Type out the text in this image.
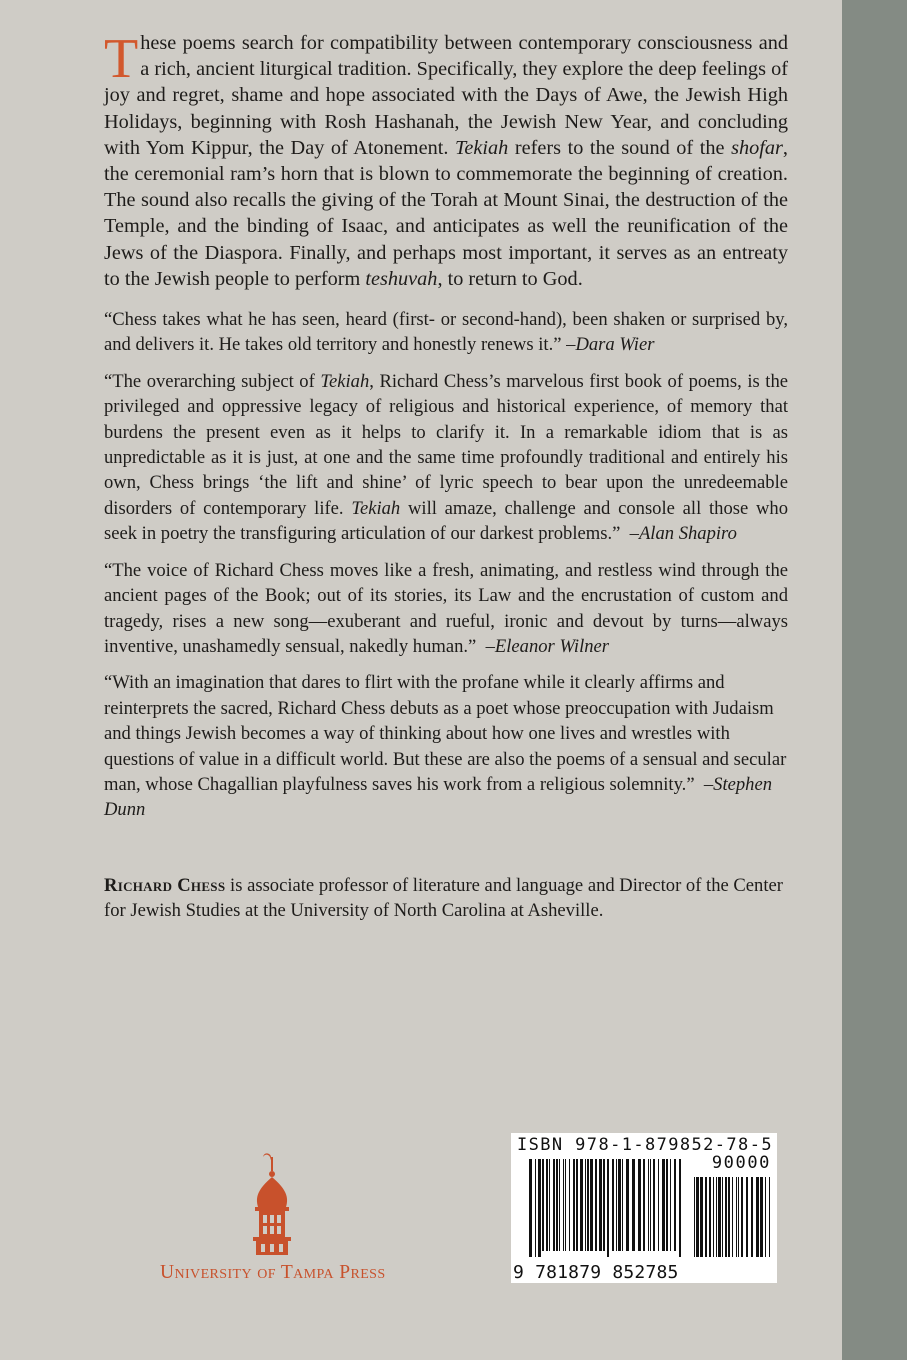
These poems search for compatibility between contemporary consciousness and a rich, ancient liturgical tradition. Specifically, they explore the deep feelings of joy and regret, shame and hope associated with the Days of Awe, the Jewish High Holidays, beginning with Rosh Hashanah, the Jewish New Year, and concluding with Yom Kippur, the Day of Atonement. Tekiah refers to the sound of the shofar, the ceremonial ram’s horn that is blown to commemorate the beginning of creation. The sound also recalls the giving of the Torah at Mount Sinai, the destruction of the Temple, and the binding of Isaac, and anticipates as well the reunification of the Jews of the Diaspora. Finally, and perhaps most important, it serves as an entreaty to the Jewish people to perform teshuvah, to return to God.

“Chess takes what he has seen, heard (first- or second-hand), been shaken or surprised by, and delivers it. He takes old territory and honestly renews it.” –Dara Wier

“The overarching subject of Tekiah, Richard Chess’s marvelous first book of poems, is the privileged and oppressive legacy of religious and historical experience, of memory that burdens the present even as it helps to clarify it. In a remarkable idiom that is as unpredictable as it is just, at one and the same time profoundly traditional and entirely his own, Chess brings ‘the lift and shine’ of lyric speech to bear upon the unredeemable disorders of contemporary life. Tekiah will amaze, challenge and console all those who seek in poetry the transfiguring articulation of our darkest problems.” –Alan Shapiro

“The voice of Richard Chess moves like a fresh, animating, and restless wind through the ancient pages of the Book; out of its stories, its Law and the encrustation of custom and tragedy, rises a new song—exuberant and rueful, ironic and devout by turns—always inventive, unashamedly sensual, nakedly human.” –Eleanor Wilner

“With an imagination that dares to flirt with the profane while it clearly affirms and reinterprets the sacred, Richard Chess debuts as a poet whose preoccupation with Judaism and things Jewish becomes a way of thinking about how one lives and wrestles with questions of value in a difficult world. But these are also the poems of a sensual and secular man, whose Chagallian playfulness saves his work from a religious solemnity.” –Stephen Dunn

Richard Chess is associate professor of literature and language and Director of the Center for Jewish Studies at the University of North Carolina at Asheville.

University of Tampa Press
ISBN 978-1-879852-78-5
90000
9 781879 852785
